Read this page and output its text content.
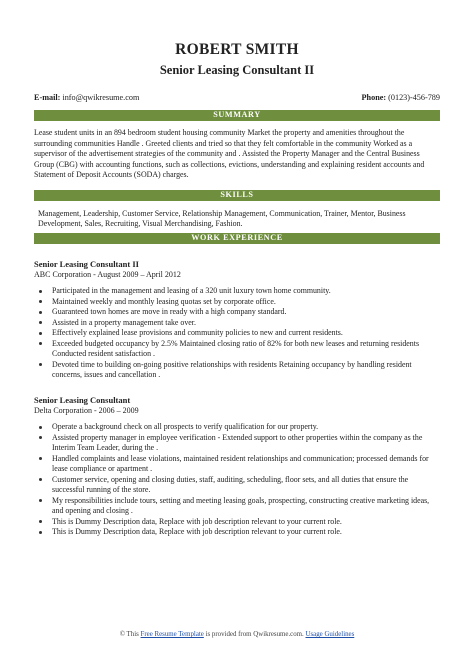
ROBERT SMITH
Senior Leasing Consultant II
E-mail: info@qwikresume.com	Phone: (0123)-456-789
SUMMARY
Lease student units in an 894 bedroom student housing community Market the property and amenities throughout the surrounding communities Handle . Greeted clients and tried so that they felt comfortable in the community Worked as a supervisor of the advertisement strategies of the community and . Assisted the Property Manager and the Central Business Group (CBG) with accounting functions, such as collections, evictions, understanding and explaining resident accounts and Statement of Deposit Accounts (SODA) charges.
SKILLS
Management, Leadership, Customer Service, Relationship Management, Communication, Trainer, Mentor, Business Development, Sales, Recruiting, Visual Merchandising, Fashion.
WORK EXPERIENCE
Senior Leasing Consultant II
ABC Corporation - August 2009 – April 2012
Participated in the management and leasing of a 320 unit luxury town home community.
Maintained weekly and monthly leasing quotas set by corporate office.
Guaranteed town homes are move in ready with a high company standard.
Assisted in a property management take over.
Effectively explained lease provisions and community policies to new and current residents.
Exceeded budgeted occupancy by 2.5% Maintained closing ratio of 82% for both new leases and returning residents Conducted resident satisfaction .
Devoted time to building on-going positive relationships with residents Retaining occupancy by handling resident concerns, issues and cancellation .
Senior Leasing Consultant
Delta Corporation - 2006 – 2009
Operate a background check on all prospects to verify qualification for our property.
Assisted property manager in employee verification - Extended support to other properties within the company as the Interim Team Leader, during the .
Handled complaints and lease violations, maintained resident relationships and communication; processed demands for lease compliance or apartment .
Customer service, opening and closing duties, staff, auditing, scheduling, floor sets, and all duties that ensure the successful running of the store.
My responsibilities include tours, setting and meeting leasing goals, prospecting, constructing creative marketing ideas, and opening and closing .
This is Dummy Description data, Replace with job description relevant to your current role.
This is Dummy Description data, Replace with job description relevant to your current role.
© This Free Resume Template is provided from Qwikresume.com. Usage Guidelines
